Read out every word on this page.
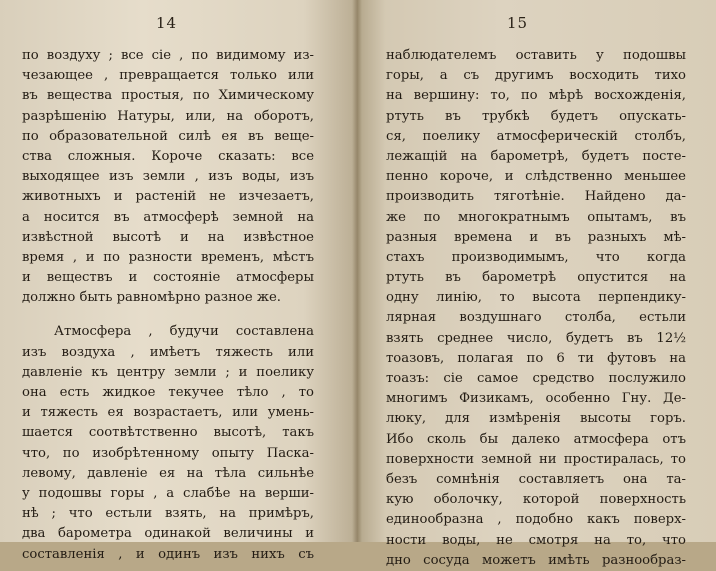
14
по воздуху ; все сіе , по видимому из-
чезающее , превращается только или
въ вещества простыя, по Химическому
разрѣшенію Натуры, или, на оборотъ,
по образовательной силѣ ея въ веще-
ства сложныя. Короче сказать: все
выходящее изъ земли , изъ воды, изъ
животныхъ и растеній не изчезаетъ,
а носится въ атмосферѣ земной на
извѣстной высотѣ и на извѣстное
время , и по разности временъ, мѣстъ
и веществъ и состояніе атмосферы
должно быть равномѣрно разное же.
Атмосфера , будучи составлена
изъ воздуха , имѣетъ тяжесть или
давленіе къ центру земли ; и поелику
она есть жидкое текучее тѣло , то
и тяжесть ея возрастаетъ, или умень-
шается соотвѣтственно высотѣ, такъ
что, по изобрѣтенному опыту Паска-
левому, давленіе ея на тѣла сильнѣе
у подошвы горы , а слабѣе на верши-
нѣ ; что естьли взять, на примѣръ,
два барометра одинакой величины и
составленія , и одинъ изъ нихъ съ
15
наблюдателемъ оставить у подошвы
горы, а съ другимъ восходить тихо
на вершину: то, по мѣрѣ восхожденія,
ртуть въ трубкѣ будетъ опускать-
ся, поелику атмосферическій столбъ,
лежащій на барометрѣ, будетъ посте-
пенно короче, и слѣдственно меньшее
производить тяготѣніе. Найдено да-
же по многократнымъ опытамъ, въ
разныя времена и въ разныхъ мѣ-
стахъ производимымъ, что когда
ртуть въ барометрѣ опустится на
одну линію, то высота перпендику-
лярная воздушнаго столба, естьли
взять среднее число, будетъ въ 12½
тоазовъ, полагая по 6 ти футовъ на
тоазъ: сіе самое средство послужило
многимъ Физикамъ, особенно Гну. Де-
люку, для измѣренія высоты горъ.
Ибо сколь бы далеко атмосфера отъ
поверхности земной ни простиралась, то
безъ сомнѣнія составляетъ она та-
кую оболочку, которой поверхность
единообразна , подобно какъ поверх-
ности воды, не смотря на то, что
дно сосуда можетъ имѣть разнообраз-
